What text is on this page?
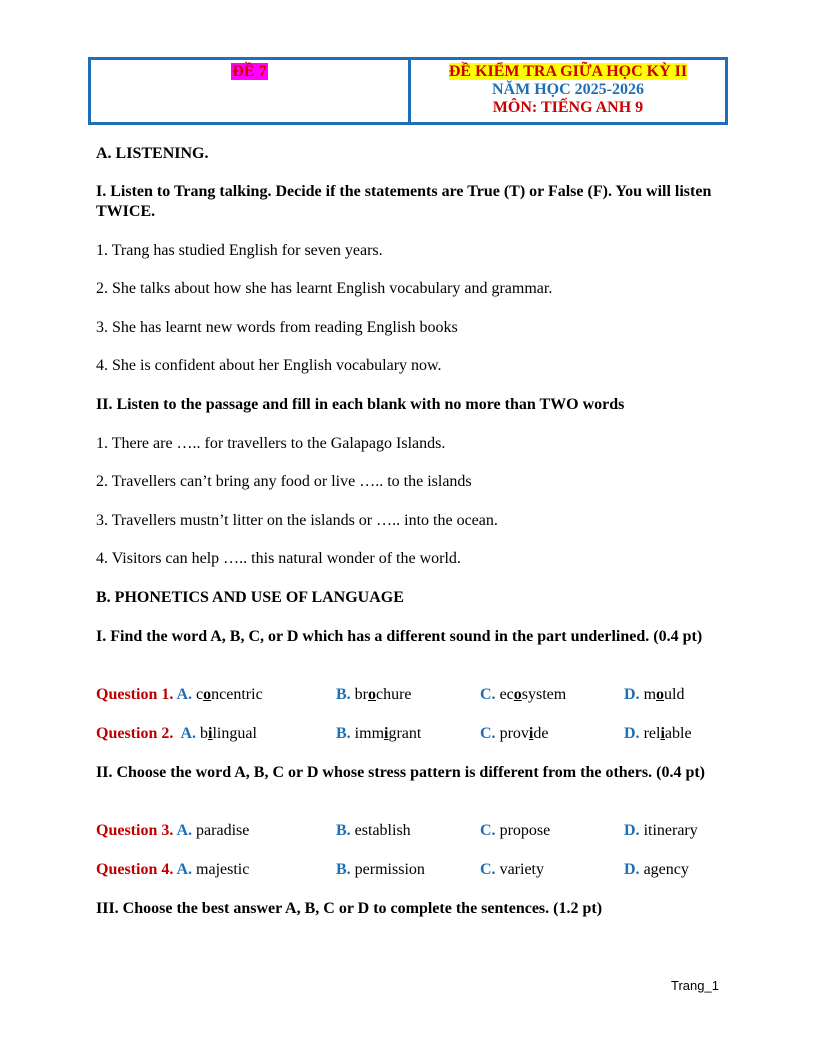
ĐỀ 7	ĐỀ KIỂM TRA GIỮA HỌC KỲ II
NĂM HỌC 2025-2026
MÔN: TIẾNG ANH 9
A. LISTENING.
I. Listen to Trang talking. Decide if the statements are True (T) or False (F). You will listen TWICE.
1. Trang has studied English for seven years.
2. She talks about how she has learnt English vocabulary and grammar.
3. She has learnt new words from reading English books
4. She is confident about her English vocabulary now.
II. Listen to the passage and fill in each blank with no more than TWO words
1. There are ….. for travellers to the Galapago Islands.
2. Travellers can’t bring any food or live ….. to the islands
3. Travellers mustn’t litter on the islands or ….. into the ocean.
4. Visitors can help ….. this natural wonder of the world.
B. PHONETICS AND USE OF LANGUAGE
I. Find the word A, B, C, or D which has a different sound in the part underlined. (0.4 pt)
Question 1. A. concentric	B. brochure	C. ecosystem	D. mould
Question 2. A. bilingual	B. immigrant	C. provide	D. reliable
II. Choose the word A, B, C or D whose stress pattern is different from the others. (0.4 pt)
Question 3. A. paradise	B. establish	C. propose	D. itinerary
Question 4. A. majestic	B. permission	C. variety	D. agency
III. Choose the best answer A, B, C or D to complete the sentences. (1.2 pt)
Trang_1
